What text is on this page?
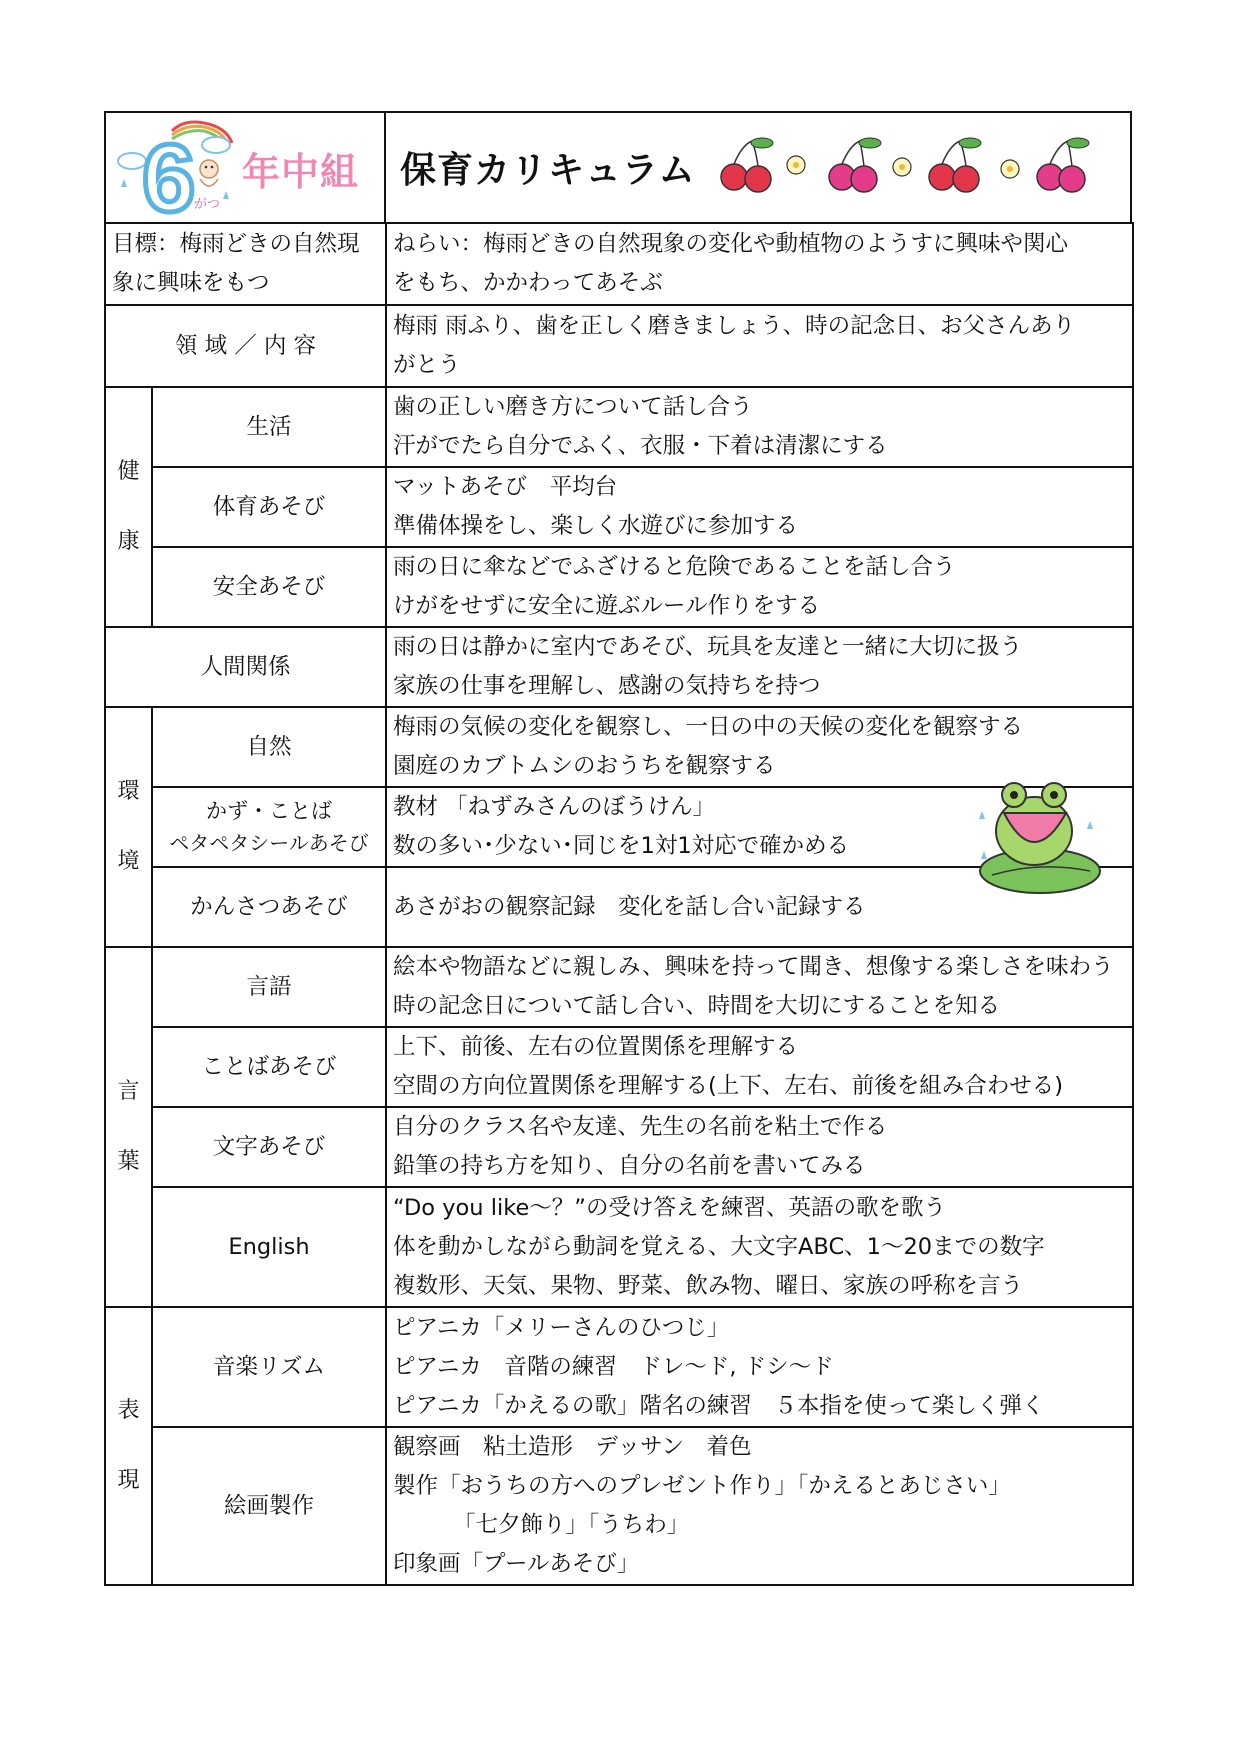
6
がつ
年中組 保育カリキュラム
目標：梅雨どきの自然現
象に興味をもつ		ねらい：梅雨どきの自然現象の変化や動植物のようすに興味や関心
をもち、かかわってあそぶ

領 域 ／ 内 容		梅雨 雨ふり、歯を正しく磨きましょう、時の記念日、お父さんあり
がとう

健
康	生活	歯の正しい磨き方について話し合う
汗がでたら自分でふく、衣服・下着は清潔にする

	体育あそび	マットあそび　平均台
準備体操をし、楽しく水遊びに参加する

	安全あそび	雨の日に傘などでふざけると危険であることを話し合う
けがをせずに安全に遊ぶルール作りをする

人間関係		雨の日は静かに室内であそび、玩具を友達と一緒に大切に扱う
家族の仕事を理解し、感謝の気持ちを持つ

環
境	自然	梅雨の気候の変化を観察し、一日の中の天候の変化を観察する
園庭のカブトムシのおうちを観察する

	かず・ことば
ペタペタシールあそび	教材 「ねずみさんのぼうけん」
数の多い･少ない･同じを1対1対応で確かめる

	かんさつあそび	あさがおの観察記録　変化を話し合い記録する

言
葉	言語	絵本や物語などに親しみ、興味を持って聞き、想像する楽しさを味わう
時の記念日について話し合い、時間を大切にすることを知る

	ことばあそび	上下、前後、左右の位置関係を理解する
空間の方向位置関係を理解する(上下、左右、前後を組み合わせる)

	文字あそび	自分のクラス名や友達、先生の名前を粘土で作る
鉛筆の持ち方を知り、自分の名前を書いてみる

	English	“Do you like～？”の受け答えを練習、英語の歌を歌う
体を動かしながら動詞を覚える、大文字ABC、1～20までの数字
複数形、天気、果物、野菜、飲み物、曜日、家族の呼称を言う

表
現	音楽リズム	ピアニカ「メリーさんのひつじ」
ピアニカ　音階の練習　ドレ～ド, ドシ～ド
ピアニカ「かえるの歌」階名の練習　５本指を使って楽しく弾く

	絵画製作	観察画　粘土造形　デッサン　着色
製作「おうちの方へのプレゼント作り」「かえるとあじさい」
「七夕飾り」「うちわ」
印象画「プールあそび」
